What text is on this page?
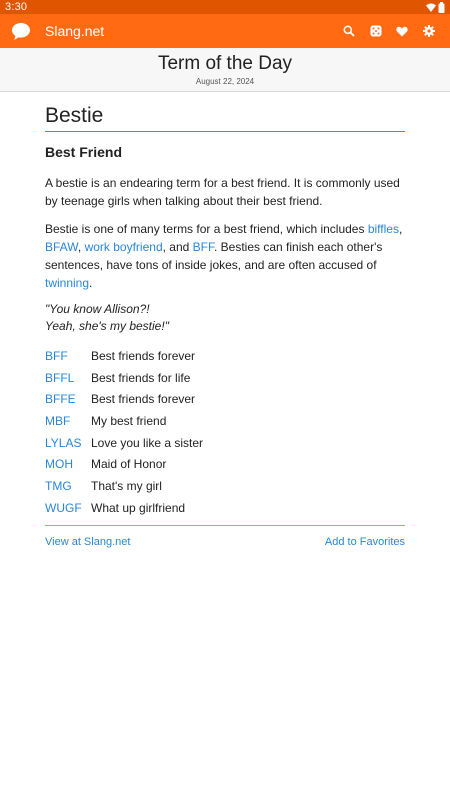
3:30
Slang.net
Term of the Day
August 22, 2024
Bestie
Best Friend
A bestie is an endearing term for a best friend. It is commonly used by teenage girls when talking about their best friend.
Bestie is one of many terms for a best friend, which includes biffles, BFAW, work boyfriend, and BFF. Besties can finish each other's sentences, have tons of inside jokes, and are often accused of twinning.
"You know Allison?!
Yeah, she's my bestie!"
BFF	Best friends forever
BFFL	Best friends for life
BFFE	Best friends forever
MBF	My best friend
LYLAS Love you like a sister
MOH	Maid of Honor
TMG	That's my girl
WUGF What up girlfriend
View at Slang.net	Add to Favorites
